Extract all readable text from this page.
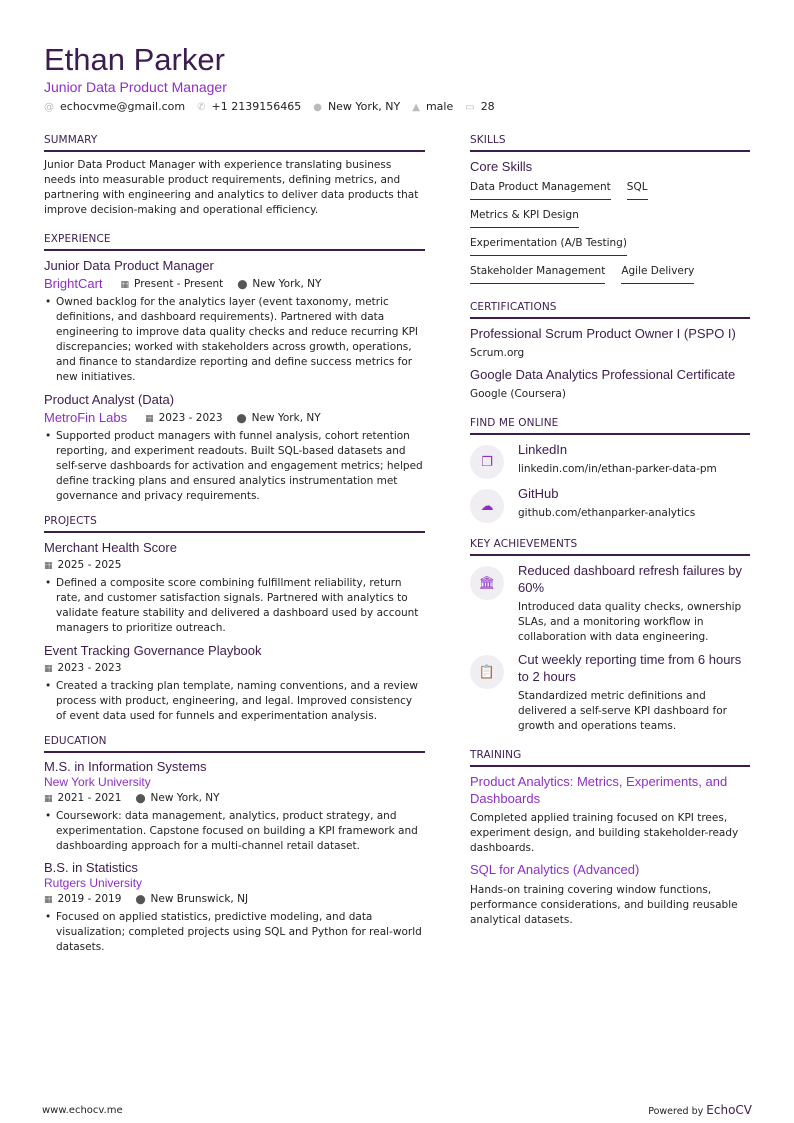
Ethan Parker
Junior Data Product Manager
@ echocvme@gmail.com ✆ +1 2139156465 ● New York, NY ▲ male ▭ 28
SUMMARY
Junior Data Product Manager with experience translating business needs into measurable product requirements, defining metrics, and partnering with engineering and analytics to deliver data products that improve decision-making and operational efficiency.
EXPERIENCE
Junior Data Product Manager
BrightCart ▦ Present - Present ⬤ New York, NY
• Owned backlog for the analytics layer (event taxonomy, metric definitions, and dashboard requirements). Partnered with data engineering to improve data quality checks and reduce recurring KPI discrepancies; worked with stakeholders across growth, operations, and finance to standardize reporting and define success metrics for new initiatives.
Product Analyst (Data)
MetroFin Labs ▦ 2023 - 2023 ⬤ New York, NY
• Supported product managers with funnel analysis, cohort retention reporting, and experiment readouts. Built SQL-based datasets and self-serve dashboards for activation and engagement metrics; helped define tracking plans and ensured analytics instrumentation met governance and privacy requirements.
PROJECTS
Merchant Health Score
▦ 2025 - 2025
• Defined a composite score combining fulfillment reliability, return rate, and customer satisfaction signals. Partnered with analytics to validate feature stability and delivered a dashboard used by account managers to prioritize outreach.
Event Tracking Governance Playbook
▦ 2023 - 2023
• Created a tracking plan template, naming conventions, and a review process with product, engineering, and legal. Improved consistency of event data used for funnels and experimentation analysis.
EDUCATION
M.S. in Information Systems
New York University
▦ 2021 - 2021 ⬤ New York, NY
• Coursework: data management, analytics, product strategy, and experimentation. Capstone focused on building a KPI framework and dashboarding approach for a multi-channel retail dataset.
B.S. in Statistics
Rutgers University
▦ 2019 - 2019 ⬤ New Brunswick, NJ
• Focused on applied statistics, predictive modeling, and data visualization; completed projects using SQL and Python for real-world datasets.
SKILLS
Core Skills
Data Product Management SQL
Metrics & KPI Design
Experimentation (A/B Testing)
Stakeholder Management Agile Delivery
CERTIFICATIONS
Professional Scrum Product Owner I (PSPO I)
Scrum.org
Google Data Analytics Professional Certificate
Google (Coursera)
FIND ME ONLINE
❐
LinkedIn
linkedin.com/in/ethan-parker-data-pm
☁
GitHub
github.com/ethanparker-analytics
KEY ACHIEVEMENTS
🏛
Reduced dashboard refresh failures by 60%
Introduced data quality checks, ownership SLAs, and a monitoring workflow in collaboration with data engineering.
📋
Cut weekly reporting time from 6 hours to 2 hours
Standardized metric definitions and delivered a self-serve KPI dashboard for growth and operations teams.
TRAINING
Product Analytics: Metrics, Experiments, and Dashboards
Completed applied training focused on KPI trees, experiment design, and building stakeholder-ready dashboards.
SQL for Analytics (Advanced)
Hands-on training covering window functions, performance considerations, and building reusable analytical datasets.
www.echocv.me	Powered by EchoCV
